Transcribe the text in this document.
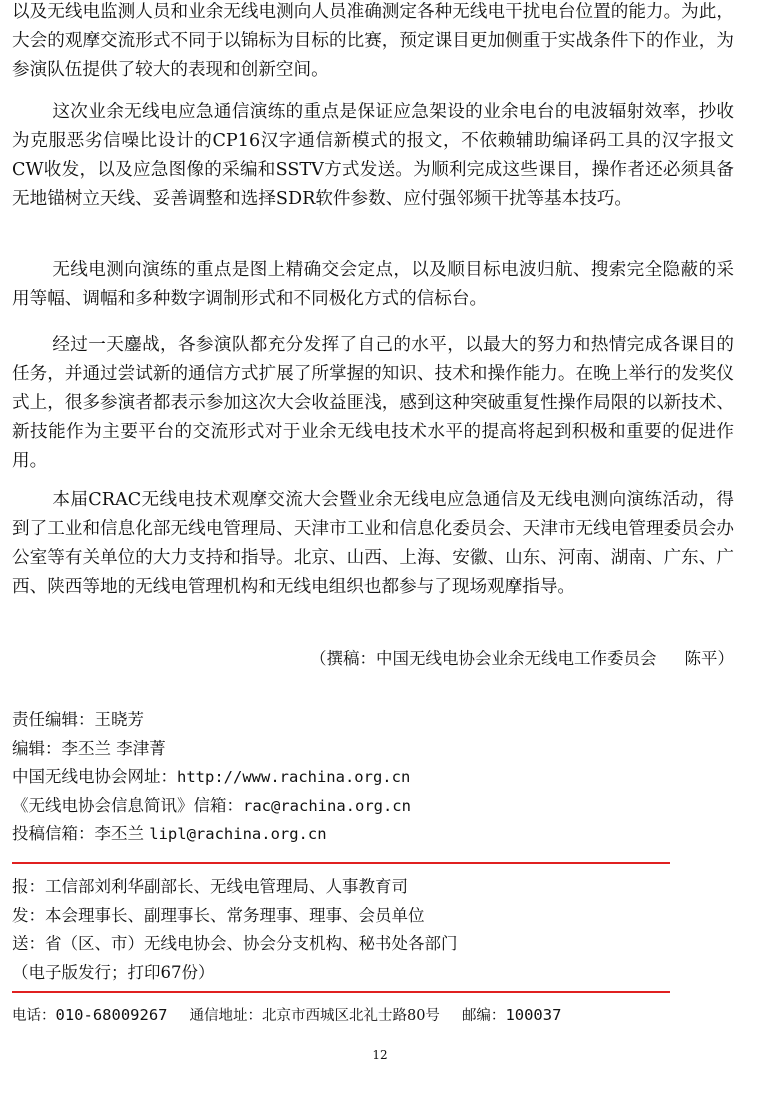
以及无线电监测人员和业余无线电测向人员准确测定各种无线电干扰电台位置的能力。为此，大会的观摩交流形式不同于以锦标为目标的比赛，预定课目更加侧重于实战条件下的作业，为参演队伍提供了较大的表现和创新空间。

这次业余无线电应急通信演练的重点是保证应急架设的业余电台的电波辐射效率，抄收为克服恶劣信噪比设计的CP16汉字通信新模式的报文，不依赖辅助编译码工具的汉字报文CW收发，以及应急图像的采编和SSTV方式发送。为顺利完成这些课目，操作者还必须具备无地锚树立天线、妥善调整和选择SDR软件参数、应付强邻频干扰等基本技巧。

无线电测向演练的重点是图上精确交会定点，以及顺目标电波归航、搜索完全隐蔽的采用等幅、调幅和多种数字调制形式和不同极化方式的信标台。

经过一天鏖战，各参演队都充分发挥了自己的水平，以最大的努力和热情完成各课目的任务，并通过尝试新的通信方式扩展了所掌握的知识、技术和操作能力。在晚上举行的发奖仪式上，很多参演者都表示参加这次大会收益匪浅，感到这种突破重复性操作局限的以新技术、新技能作为主要平台的交流形式对于业余无线电技术水平的提高将起到积极和重要的促进作用。

本届CRAC无线电技术观摩交流大会暨业余无线电应急通信及无线电测向演练活动，得到了工业和信息化部无线电管理局、天津市工业和信息化委员会、天津市无线电管理委员会办公室等有关单位的大力支持和指导。北京、山西、上海、安徽、山东、河南、湖南、广东、广西、陕西等地的无线电管理机构和无线电组织也都参与了现场观摩指导。

（撰稿：中国无线电协会业余无线电工作委员会 陈平）
责任编辑：王晓芳
编辑：李丕兰 李津菁
中国无线电协会网址：http://www.rachina.org.cn
《无线电协会信息简讯》信箱：rac@rachina.org.cn
投稿信箱：李丕兰 lipl@rachina.org.cn
报：工信部刘利华副部长、无线电管理局、人事教育司
发：本会理事长、副理事长、常务理事、理事、会员单位
送：省（区、市）无线电协会、协会分支机构、秘书处各部门
（电子版发行；打印67份）
电话：010-68009267 通信地址：北京市西城区北礼士路80号 邮编：100037
12
